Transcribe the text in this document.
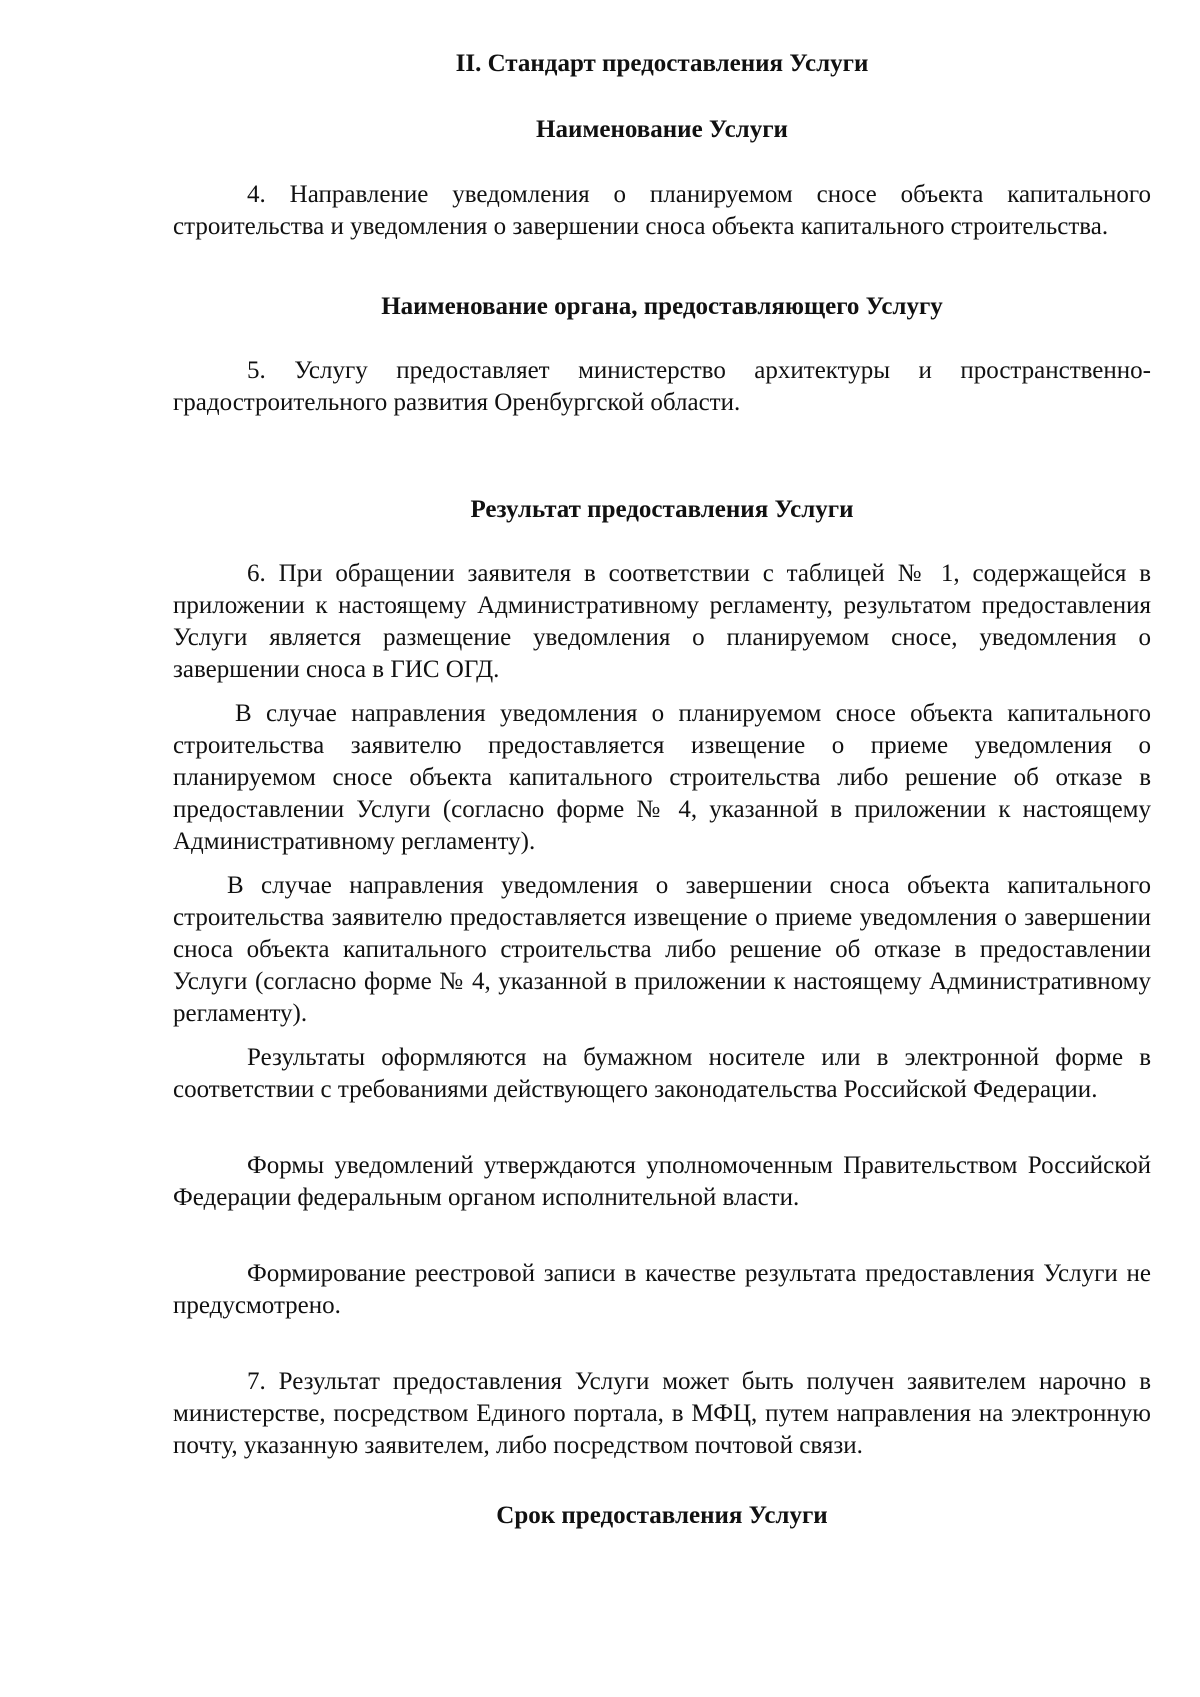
II. Стандарт предоставления Услуги
Наименование Услуги

4. Направление уведомления о планируемом сносе объекта капитального строительства и уведомления о завершении сноса объекта капитального строительства.

Наименование органа, предоставляющего Услугу

5. Услугу предоставляет министерство архитектуры и пространственно-градостроительного развития Оренбургской области.

Результат предоставления Услуги

6. При обращении заявителя в соответствии с таблицей № 1, содержащейся в приложении к настоящему Административному регламенту, результатом предоставления Услуги является размещение уведомления о планируемом сносе, уведомления о завершении сноса в ГИС ОГД.

В случае направления уведомления о планируемом сносе объекта капитального строительства заявителю предоставляется извещение о приеме уведомления о планируемом сносе объекта капитального строительства либо решение об отказе в предоставлении Услуги (согласно форме № 4, указанной в приложении к настоящему Административному регламенту).

В случае направления уведомления о завершении сноса объекта капитального строительства заявителю предоставляется извещение о приеме уведомления о завершении сноса объекта капитального строительства либо решение об отказе в предоставлении Услуги (согласно форме № 4, указанной в приложении к настоящему Административному регламенту).

Результаты оформляются на бумажном носителе или в электронной форме в соответствии с требованиями действующего законодательства Российской Федерации.

Формы уведомлений утверждаются уполномоченным Правительством Российской Федерации федеральным органом исполнительной власти.

Формирование реестровой записи в качестве результата предоставления Услуги не предусмотрено.

7. Результат предоставления Услуги может быть получен заявителем нарочно в министерстве, посредством Единого портала, в МФЦ, путем направления на электронную почту, указанную заявителем, либо посредством почтовой связи.

Срок предоставления Услуги
